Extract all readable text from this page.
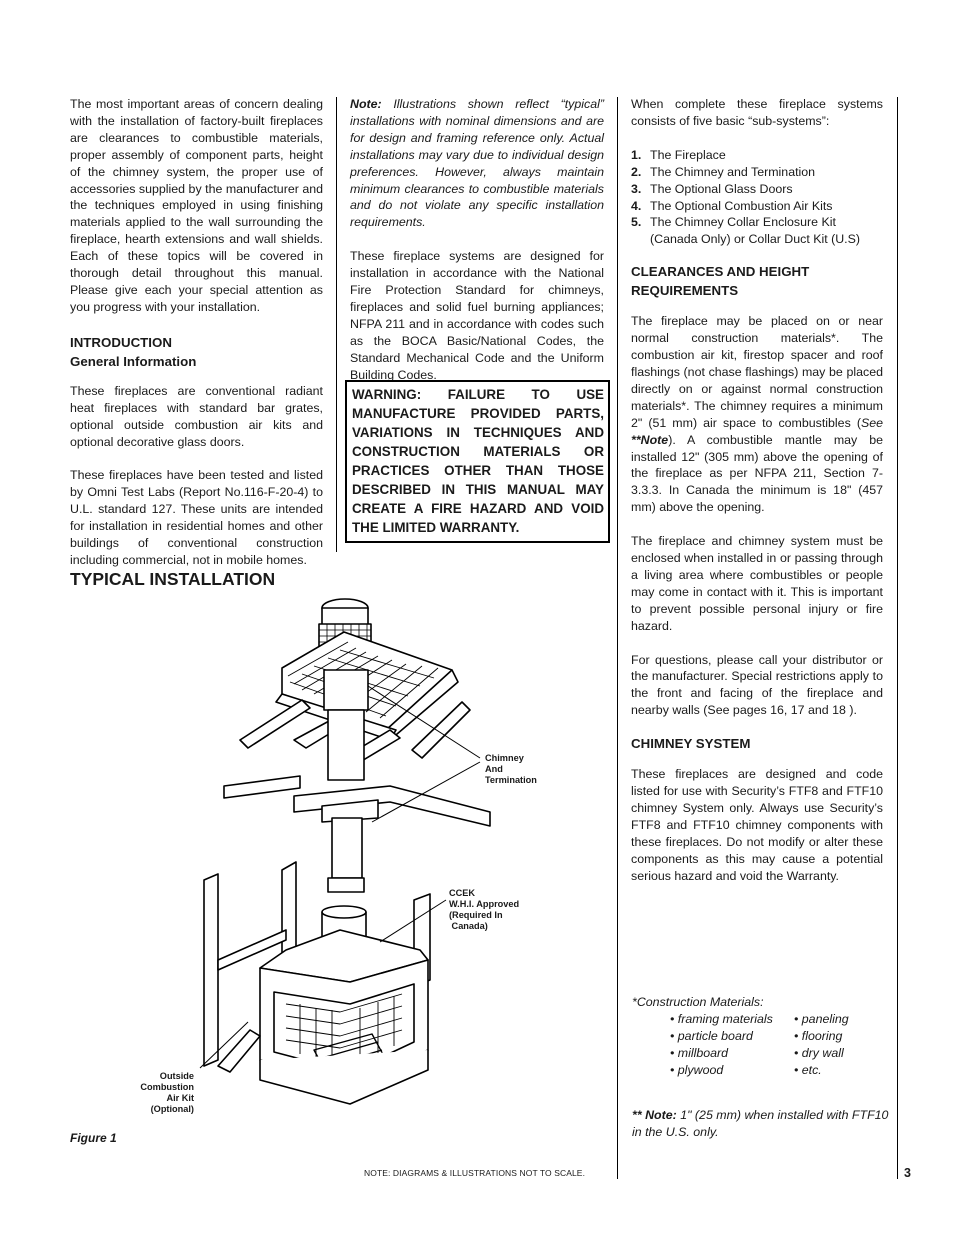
The most important areas of concern dealing with the installation of factory-built fireplaces are clearances to combustible materials, proper assembly of component parts, height of the chimney system, the proper use of accessories supplied by the manufacturer and the techniques employed in using finishing materials applied to the wall surrounding the fireplace, hearth extensions and wall shields. Each of these topics will be covered in thorough detail throughout this manual. Please give each your special attention as you progress with your installation.

INTRODUCTION
General Information

These fireplaces are conventional radiant heat fireplaces with standard bar grates, optional outside combustion air kits and optional decorative glass doors.

These fireplaces have been tested and listed by Omni Test Labs (Report No.116-F-20-4) to U.L. standard 127. These units are intended for installation in residential homes and other buildings of conventional construction including commercial, not in mobile homes.

Note: Illustrations shown reflect “typical” installations with nominal dimensions and are for design and framing reference only. Actual installations may vary due to individual design preferences. However, always maintain minimum clearances to combustible materials and do not violate any specific installation requirements.

These fireplace systems are designed for installation in accordance with the National Fire Protection Standard for chimneys, fireplaces and solid fuel burning appliances; NFPA 211 and in accordance with codes such as the BOCA Basic/National Codes, the Standard Mechanical Code and the Uniform Building Codes.

WARNING: FAILURE TO USE MANUFACTURE PROVIDED PARTS, VARIATIONS IN TECHNIQUES AND CONSTRUCTION MATERIALS OR PRACTICES OTHER THAN THOSE DESCRIBED IN THIS MANUAL MAY CREATE A FIRE HAZARD AND VOID THE LIMITED WARRANTY.

When complete these fireplace systems consists of five basic “sub-systems”:

1. The Fireplace
2. The Chimney and Termination
3. The Optional Glass Doors
4. The Optional Combustion Air Kits
5. The Chimney Collar Enclosure Kit (Canada Only) or Collar Duct Kit (U.S)
CLEARANCES AND HEIGHT
REQUIREMENTS

The fireplace may be placed on or near normal construction materials*. The combustion air kit, firestop spacer and roof flashings (not chase flashings) may be placed directly on or against normal construction materials*. The chimney requires a minimum 2" (51 mm) air space to combustibles (See **Note). A combustible mantle may be installed 12" (305 mm) above the opening of the fireplace as per NFPA 211, Section 7-3.3.3. In Canada the minimum is 18" (457 mm) above the opening.

The fireplace and chimney system must be enclosed when installed in or passing through a living area where combustibles or people may come in contact with it. This is important to prevent possible personal injury or fire hazard.

For questions, please call your distributor or the manufacturer. Special restrictions apply to the front and facing of the fireplace and nearby walls (See pages 16, 17 and 18 ).

CHIMNEY SYSTEM

These fireplaces are designed and code listed for use with Security’s FTF8 and FTF10 chimney System only. Always use Security’s FTF8 and FTF10 chimney components with these fireplaces. Do not modify or alter these components as this may cause a potential serious hazard and void the Warranty.

*Construction Materials:
• framing materials	• paneling
• particle board	• flooring
• millboard	• dry wall
• plywood	• etc.
** Note: 1" (25 mm) when installed with FTF10 in the U.S. only.
TYPICAL INSTALLATION
Chimney
And
Termination
CCEK
W.H.I. Approved
(Required In
Canada)
Outside
Combustion
Air Kit
(Optional)
Figure 1
NOTE: DIAGRAMS & ILLUSTRATIONS NOT TO SCALE.	3
